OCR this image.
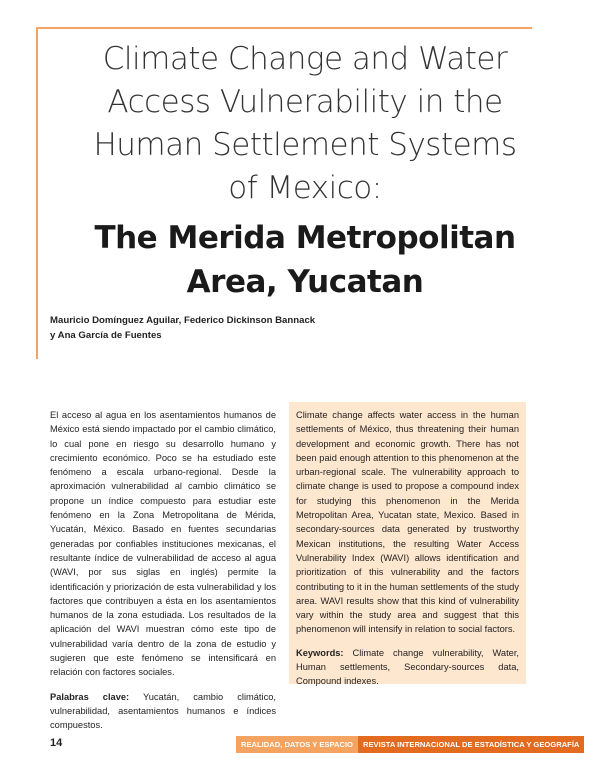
Climate Change and Water
Access Vulnerability in the
Human Settlement Systems
of Mexico:
The Merida Metropolitan
Area, Yucatan
Mauricio Domínguez Aguilar, Federico Dickinson Bannack
y Ana García de Fuentes

El acceso al agua en los asentamientos humanos de México está siendo impactado por el cambio climático, lo cual pone en riesgo su desarrollo humano y crecimiento económico. Poco se ha estudiado este fenómeno a escala urbano-regional. Desde la aproximación vulnerabilidad al cambio climático se propone un índice compuesto para estudiar este fenómeno en la Zona Metropolitana de Mérida, Yucatán, México. Basado en fuentes secundarias generadas por confiables instituciones mexicanas, el resultante índice de vulnerabilidad de acceso al agua (WAVI, por sus siglas en inglés) permite la identificación y priorización de esta vulnerabilidad y los factores que contribuyen a ésta en los asentamientos humanos de la zona estudiada. Los resultados de la aplicación del WAVI muestran cómo este tipo de vulnerabilidad varía dentro de la zona de estudio y sugieren que este fenómeno se intensificará en relación con factores sociales.

Palabras clave: Yucatán, cambio climático, vulnerabilidad, asentamientos humanos e índices compuestos.

Climate change affects water access in the human settlements of México, thus threatening their human development and economic growth. There has not been paid enough attention to this phenomenon at the urban-regional scale. The vulnerability approach to climate change is used to propose a compound index for studying this phenomenon in the Merida Metropolitan Area, Yucatan state, Mexico. Based in secondary-sources data generated by trustworthy Mexican institutions, the resulting Water Access Vulnerability Index (WAVI) allows identification and prioritization of this vulnerability and the factors contributing to it in the human settlements of the study area. WAVI results show that this kind of vulnerability vary within the study area and suggest that this phenomenon will intensify in relation to social factors.

Keywords: Climate change vulnerability, Water, Human settlements, Secondary-sources data, Compound indexes.

14	REALIDAD, DATOS Y ESPACIO	REVISTA INTERNACIONAL DE ESTADÍSTICA Y GEOGRAFÍA
